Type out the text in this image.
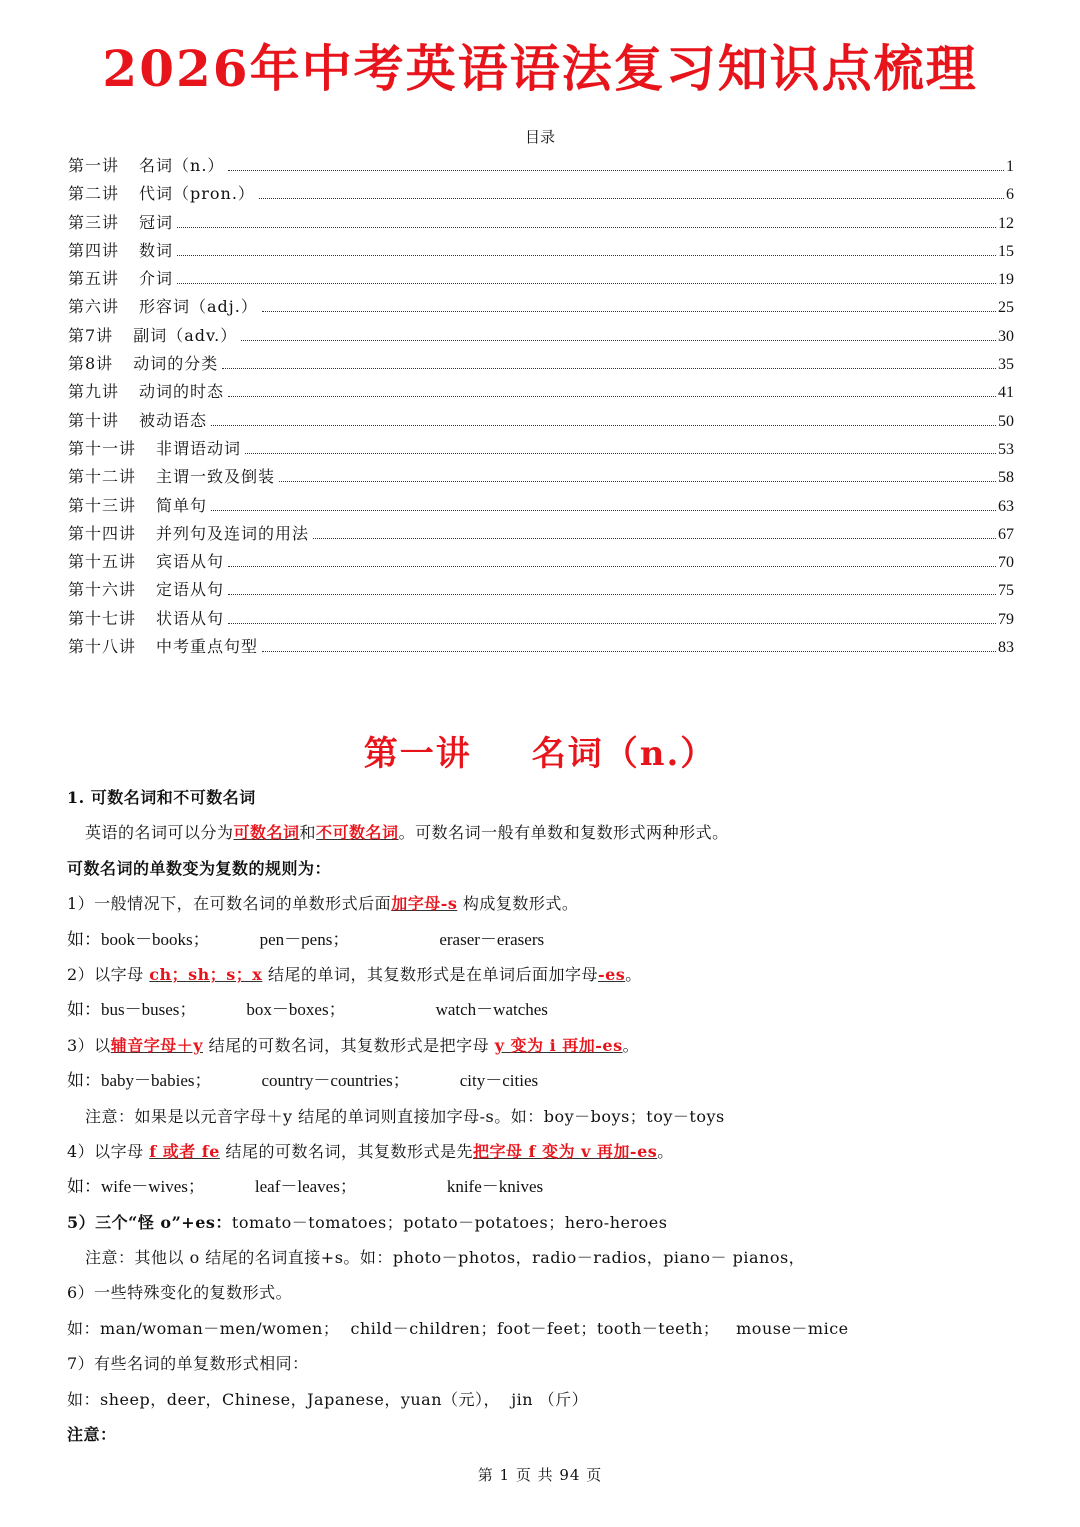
2026年中考英语语法复习知识点梳理
目录
第一讲 名词（n.）	1
第二讲 代词（pron.）	6
第三讲 冠词	12
第四讲 数词	15
第五讲 介词	19
第六讲 形容词（adj.）	25
第7讲 副词（adv.）	30
第8讲 动词的分类	35
第九讲 动词的时态	41
第十讲 被动语态	50
第十一讲 非谓语动词	53
第十二讲 主谓一致及倒装	58
第十三讲 简单句	63
第十四讲 并列句及连词的用法	67
第十五讲 宾语从句	70
第十六讲 定语从句	75
第十七讲 状语从句	79
第十八讲 中考重点句型	83
第一讲 名词（n.）
1. 可数名词和不可数名词
英语的名词可以分为可数名词和不可数名词。可数名词一般有单数和复数形式两种形式。
可数名词的单数变为复数的规则为：
1）一般情况下，在可数名词的单数形式后面加字母-s 构成复数形式。
如：book－books；	pen－pens；	eraser－erasers
2）以字母 ch；sh；s；x 结尾的单词，其复数形式是在单词后面加字母-es。
如：bus－buses；	box－boxes；	watch－watches
3）以辅音字母＋y 结尾的可数名词，其复数形式是把字母 y 变为 i 再加-es。
如：baby－babies；	country－countries；	city－cities
注意：如果是以元音字母＋y 结尾的单词则直接加字母-s。如：boy－boys；toy－toys
4）以字母 f 或者 fe 结尾的可数名词，其复数形式是先把字母 f 变为 v 再加-es。
如：wife－wives；	leaf－leaves；	knife－knives
5）三个“怪 o”+es：tomato－tomatoes；potato－potatoes；hero-heroes
注意：其他以 o 结尾的名词直接+s。如：photo－photos，radio－radios，piano－ pianos，
6）一些特殊变化的复数形式。
如：man/woman－men/women；  child－children；foot－feet；tooth－teeth；   mouse－mice
7）有些名词的单复数形式相同：
如：sheep，deer，Chinese，Japanese，yuan（元），  jin （斤）
注意：
第 1 页 共 94 页
